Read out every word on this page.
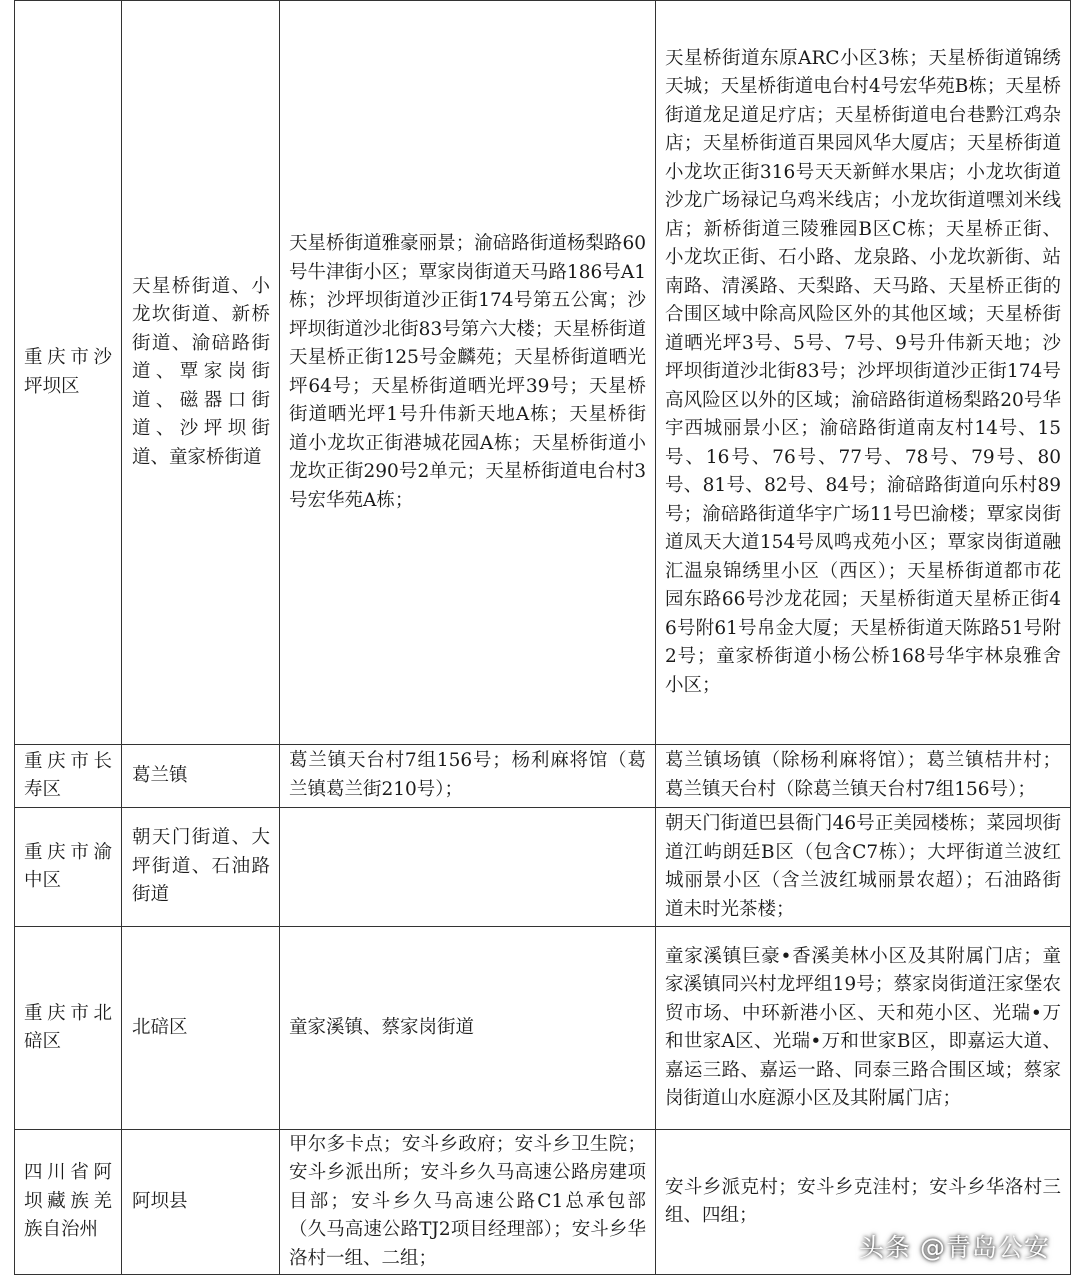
重庆市沙坪坝区	天星桥街道、小龙坎街道、新桥街道、渝碚路街道、覃家岗街道、磁器口街道、沙坪坝街道、童家桥街道	天星桥街道雅豪丽景；渝碚路街道杨梨路60号牛津街小区；覃家岗街道天马路186号A1栋；沙坪坝街道沙正街174号第五公寓；沙坪坝街道沙北街83号第六大楼；天星桥街道天星桥正街125号金麟苑；天星桥街道晒光坪64号；天星桥街道晒光坪39号；天星桥街道晒光坪1号升伟新天地A栋；天星桥街道小龙坎正街港城花园A栋；天星桥街道小龙坎正街290号2单元；天星桥街道电台村3号宏华苑A栋；	天星桥街道东原ARC小区3栋；天星桥街道锦绣天城；天星桥街道电台村4号宏华苑B栋；天星桥街道龙足道足疗店；天星桥街道电台巷黔江鸡杂店；天星桥街道百果园风华大厦店；天星桥街道小龙坎正街316号天天新鲜水果店；小龙坎街道沙龙广场禄记乌鸡米线店；小龙坎街道嘿刘米线店；新桥街道三陵雅园B区C栋；天星桥正街、小龙坎正街、石小路、龙泉路、小龙坎新街、站南路、清溪路、天梨路、天马路、天星桥正街的合围区域中除高风险区外的其他区域；天星桥街道晒光坪3号、5号、7号、9号升伟新天地；沙坪坝街道沙北街83号；沙坪坝街道沙正街174号高风险区以外的区域；渝碚路街道杨梨路20号华宇西城丽景小区；渝碚路街道南友村14号、15号、16号、76号、77号、78号、79号、80号、81号、82号、84号；渝碚路街道向乐村89号；渝碚路街道华宇广场11号巴渝楼；覃家岗街道凤天大道154号凤鸣戎苑小区；覃家岗街道融汇温泉锦绣里小区（西区）；天星桥街道都市花园东路66号沙龙花园；天星桥街道天星桥正街46号附61号帛金大厦；天星桥街道天陈路51号附2号；童家桥街道小杨公桥168号华宇林泉雅舍小区；
重庆市长寿区	葛兰镇	葛兰镇天台村7组156号；杨利麻将馆（葛兰镇葛兰街210号）；	葛兰镇场镇（除杨利麻将馆）；葛兰镇桔井村；葛兰镇天台村（除葛兰镇天台村7组156号）；
重庆市渝中区	朝天门街道、大坪街道、石油路街道		朝天门街道巴县衙门46号正美园楼栋；菜园坝街道江屿朗廷B区（包含C7栋）；大坪街道兰波红城丽景小区（含兰波红城丽景农超）；石油路街道未时光茶楼；
重庆市北碚区	北碚区	童家溪镇、蔡家岗街道	童家溪镇巨豪•香溪美林小区及其附属门店；童家溪镇同兴村龙坪组19号；蔡家岗街道汪家堡农贸市场、中环新港小区、天和苑小区、光瑞•万和世家A区、光瑞•万和世家B区，即嘉运大道、嘉运三路、嘉运一路、同泰三路合围区域；蔡家岗街道山水庭源小区及其附属门店；
四川省阿坝藏族羌族自治州	阿坝县	甲尔多卡点；安斗乡政府；安斗乡卫生院；安斗乡派出所；安斗乡久马高速公路房建项目部；安斗乡久马高速公路C1总承包部（久马高速公路TJ2项目经理部）；安斗乡华洛村一组、二组；	安斗乡派克村；安斗乡克洼村；安斗乡华洛村三组、四组；
头条 @青岛公安
